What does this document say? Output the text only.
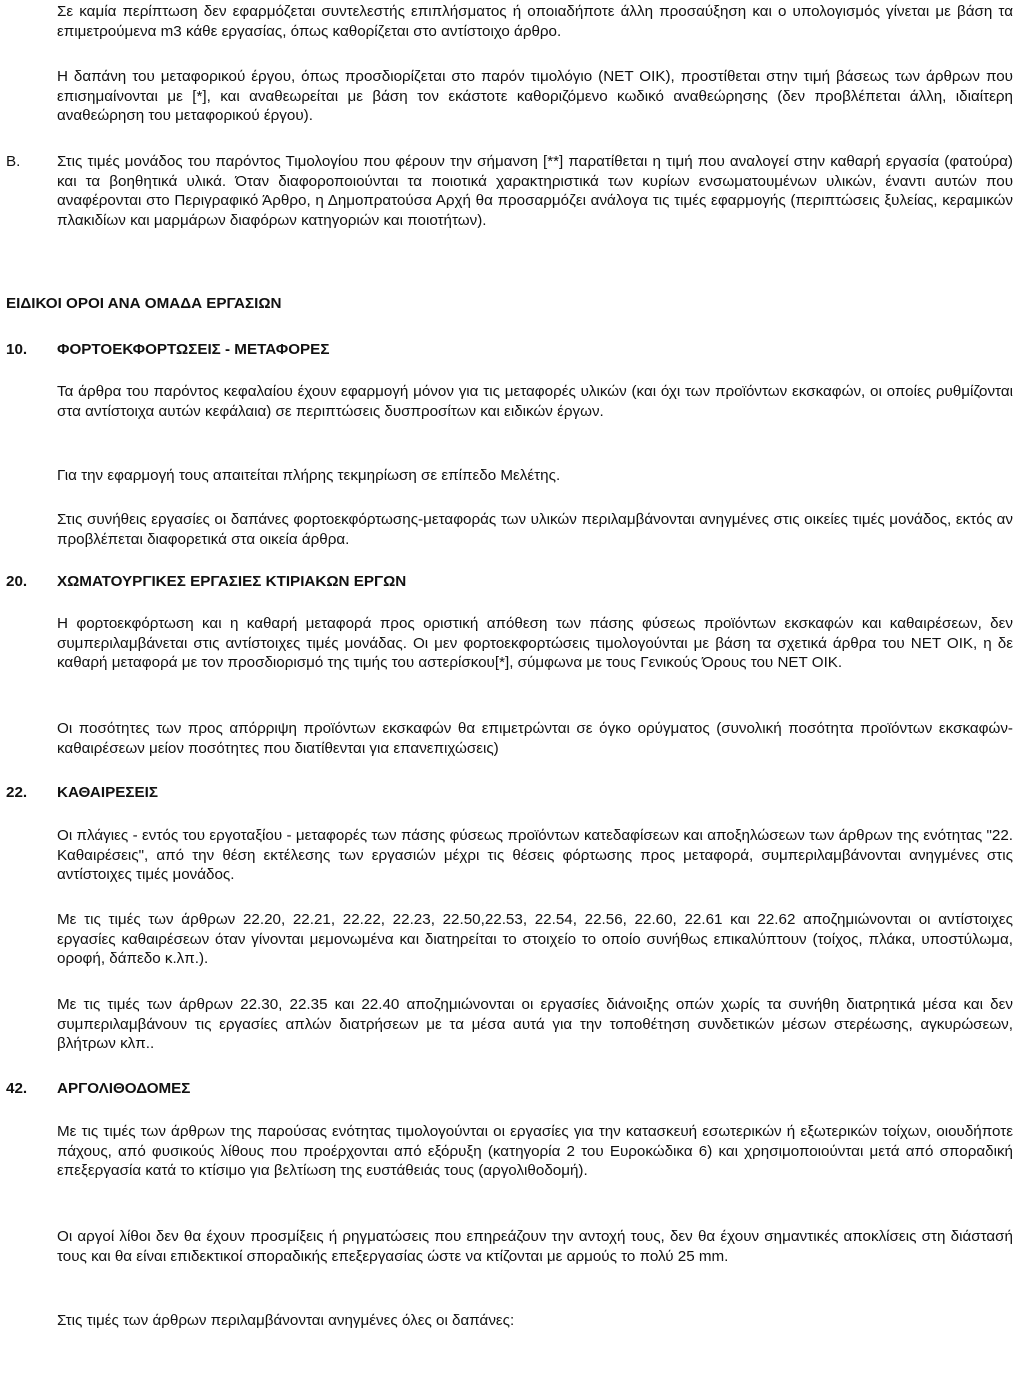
Σε καμία περίπτωση δεν εφαρμόζεται συντελεστής επιπλήσματος ή οποιαδήποτε άλλη προσαύξηση και ο υπολογισμός γίνεται με βάση τα επιμετρούμενα m3 κάθε εργασίας, όπως καθορίζεται στο αντίστοιχο άρθρο.

Η δαπάνη του μεταφορικού έργου, όπως προσδιορίζεται στο παρόν τιμολόγιο (ΝΕΤ ΟΙΚ), προστίθεται στην τιμή βάσεως των άρθρων που επισημαίνονται με [*], και αναθεωρείται με βάση τον εκάστοτε καθοριζόμενο κωδικό αναθεώρησης (δεν προβλέπεται άλλη, ιδιαίτερη αναθεώρηση του μεταφορικού έργου).

B. Στις τιμές μονάδος του παρόντος Τιμολογίου που φέρουν την σήμανση [**] παρατίθεται η τιμή που αναλογεί στην καθαρή εργασία (φατούρα) και τα βοηθητικά υλικά. Όταν διαφοροποιούνται τα ποιοτικά χαρακτηριστικά των κυρίων ενσωματουμένων υλικών, έναντι αυτών που αναφέρονται στο Περιγραφικό Άρθρο, η Δημοπρατούσα Αρχή θα προσαρμόζει ανάλογα τις τιμές εφαρμογής (περιπτώσεις ξυλείας, κεραμικών πλακιδίων και μαρμάρων διαφόρων κατηγοριών και ποιοτήτων).

ΕΙΔΙΚΟΙ ΟΡΟΙ ΑΝΑ ΟΜΑΔΑ ΕΡΓΑΣΙΩΝ

10. ΦΟΡΤΟΕΚΦΟΡΤΩΣΕΙΣ - ΜΕΤΑΦΟΡΕΣ

Τα άρθρα του παρόντος κεφαλαίου έχουν εφαρμογή μόνον για τις μεταφορές υλικών (και όχι των προϊόντων εκσκαφών, οι οποίες ρυθμίζονται στα αντίστοιχα αυτών κεφάλαια) σε περιπτώσεις δυσπροσίτων και ειδικών έργων.

Για την εφαρμογή τους απαιτείται πλήρης τεκμηρίωση σε επίπεδο Μελέτης.

Στις συνήθεις εργασίες οι δαπάνες φορτοεκφόρτωσης-μεταφοράς των υλικών περιλαμβάνονται ανηγμένες στις οικείες τιμές μονάδος, εκτός αν προβλέπεται διαφορετικά στα οικεία άρθρα.

20. ΧΩΜΑΤΟΥΡΓΙΚΕΣ ΕΡΓΑΣΙΕΣ ΚΤΙΡΙΑΚΩΝ ΕΡΓΩΝ

Η φορτοεκφόρτωση και η καθαρή μεταφορά προς οριστική απόθεση των πάσης φύσεως προϊόντων εκσκαφών και καθαιρέσεων, δεν συμπεριλαμβάνεται στις αντίστοιχες τιμές μονάδας. Οι μεν φορτοεκφορτώσεις τιμολογούνται με βάση τα σχετικά άρθρα του ΝΕΤ ΟΙΚ, η δε καθαρή μεταφορά με τον προσδιορισμό της τιμής του αστερίσκου[*], σύμφωνα με τους Γενικούς Όρους του ΝΕΤ ΟΙΚ.

Οι ποσότητες των προς απόρριψη προϊόντων εκσκαφών θα επιμετρώνται σε όγκο ορύγματος (συνολική ποσότητα προϊόντων εκσκαφών- καθαιρέσεων μείον ποσότητες που διατίθενται για επανεπιχώσεις)

22. ΚΑΘΑΙΡΕΣΕΙΣ

Οι πλάγιες - εντός του εργοταξίου - μεταφορές των πάσης φύσεως προϊόντων κατεδαφίσεων και αποξηλώσεων των άρθρων της ενότητας "22. Καθαιρέσεις", από την θέση εκτέλεσης των εργασιών μέχρι τις θέσεις φόρτωσης προς μεταφορά, συμπεριλαμβάνονται ανηγμένες στις αντίστοιχες τιμές μονάδος.

Με τις τιμές των άρθρων 22.20, 22.21, 22.22, 22.23, 22.50,22.53, 22.54, 22.56, 22.60, 22.61 και 22.62 αποζημιώνονται οι αντίστοιχες εργασίες καθαιρέσεων όταν γίνονται μεμονωμένα και διατηρείται το στοιχείο το οποίο συνήθως επικαλύπτουν (τοίχος, πλάκα, υποστύλωμα, οροφή, δάπεδο κ.λπ.).

Με τις τιμές των άρθρων 22.30, 22.35 και 22.40 αποζημιώνονται οι εργασίες διάνοιξης οπών χωρίς τα συνήθη διατρητικά μέσα και δεν συμπεριλαμβάνουν τις εργασίες απλών διατρήσεων με τα μέσα αυτά για την τοποθέτηση συνδετικών μέσων στερέωσης, αγκυρώσεων, βλήτρων κλπ..

42. ΑΡΓΟΛΙΘΟΔΟΜΕΣ

Με τις τιμές των άρθρων της παρούσας ενότητας τιμολογούνται οι εργασίες για την κατασκευή εσωτερικών ή εξωτερικών τοίχων, οιουδήποτε πάχους, από φυσικούς λίθους που προέρχονται από εξόρυξη (κατηγορία 2 του Ευροκώδικα 6) και χρησιμοποιούνται μετά από σποραδική επεξεργασία κατά το κτίσιμο για βελτίωση της ευστάθειάς τους (αργολιθοδομή).

Οι αργοί λίθοι δεν θα έχουν προσμίξεις ή ρηγματώσεις που επηρεάζουν την αντοχή τους, δεν θα έχουν σημαντικές αποκλίσεις στη διάστασή τους και θα είναι επιδεκτικοί σποραδικής επεξεργασίας ώστε να κτίζονται με αρμούς το πολύ 25 mm.

Στις τιμές των άρθρων περιλαμβάνονται ανηγμένες όλες οι δαπάνες:
